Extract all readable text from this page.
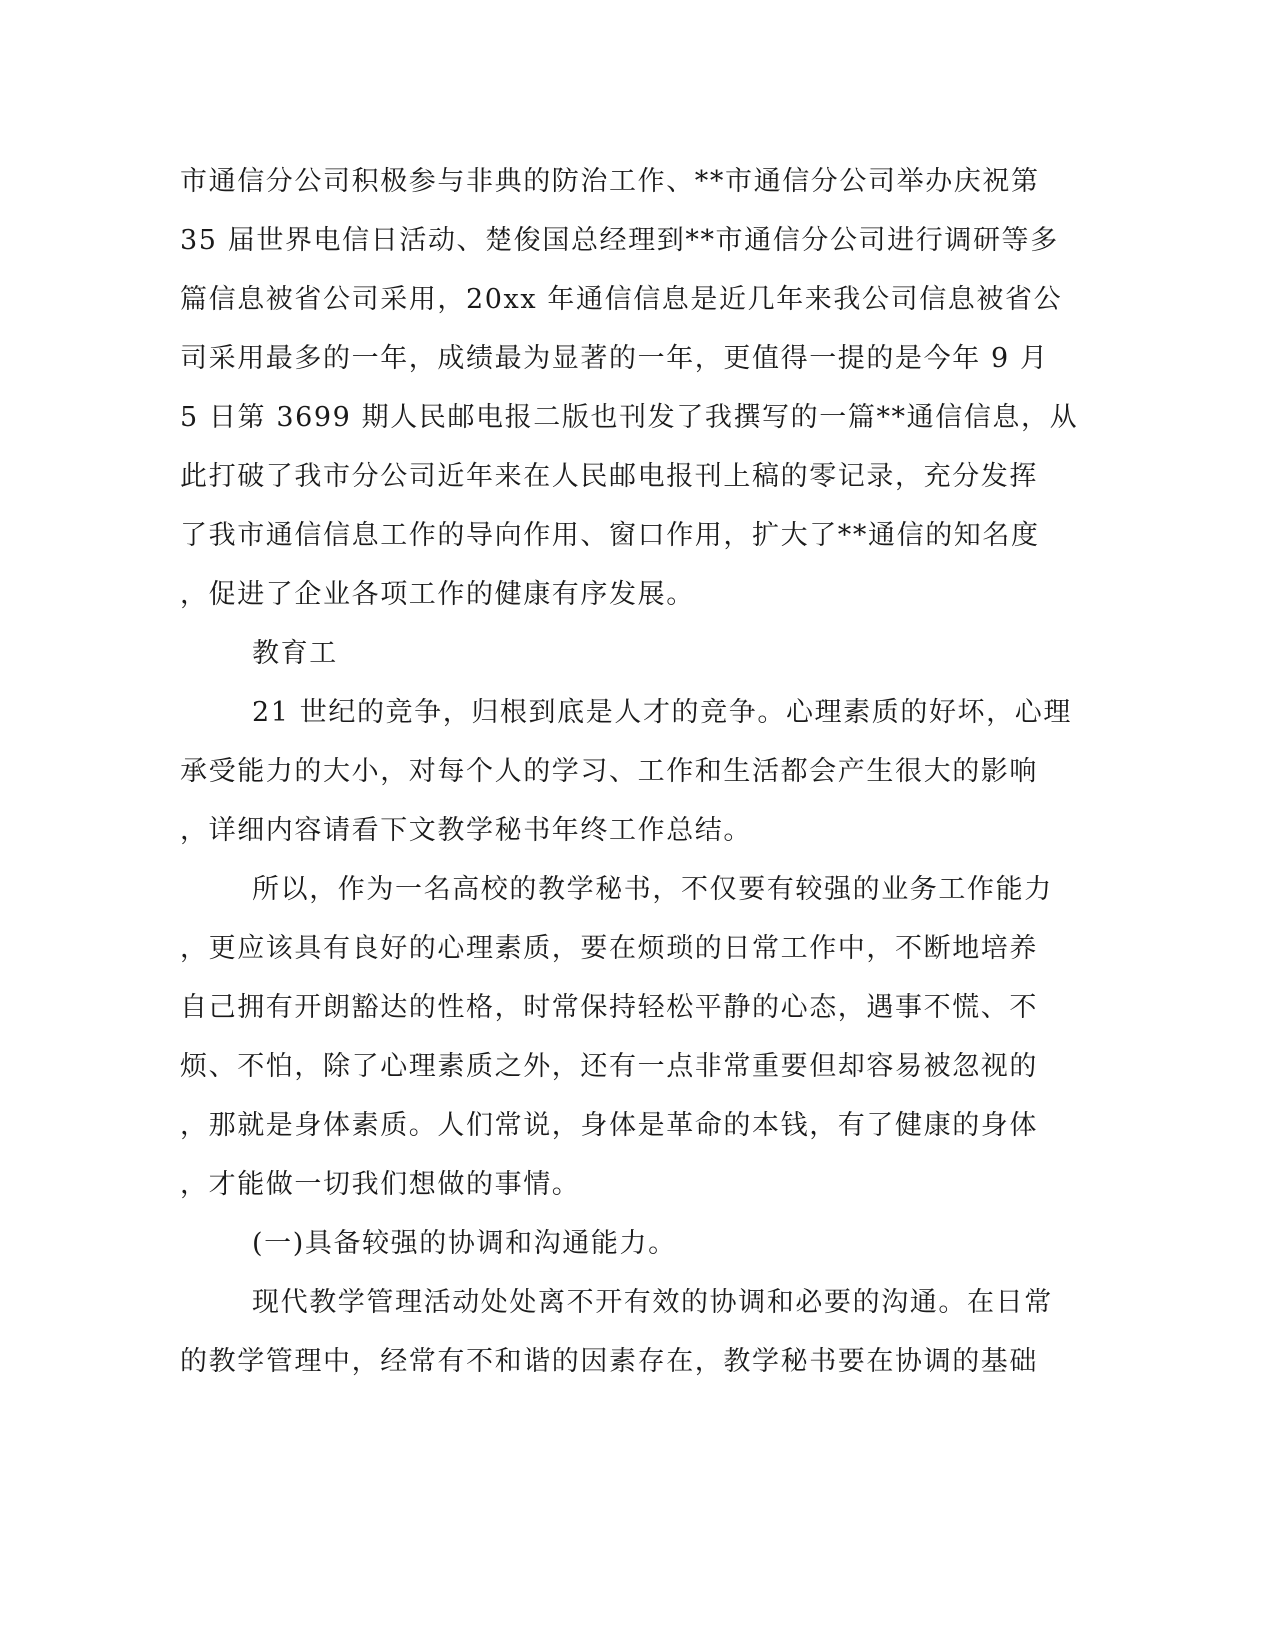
市通信分公司积极参与非典的防治工作、**市通信分公司举办庆祝第
35 届世界电信日活动、楚俊国总经理到**市通信分公司进行调研等多
篇信息被省公司采用，20xx 年通信信息是近几年来我公司信息被省公
司采用最多的一年，成绩最为显著的一年，更值得一提的是今年 9 月
5 日第 3699 期人民邮电报二版也刊发了我撰写的一篇**通信信息，从
此打破了我市分公司近年来在人民邮电报刊上稿的零记录，充分发挥
了我市通信信息工作的导向作用、窗口作用，扩大了**通信的知名度
，促进了企业各项工作的健康有序发展。
教育工
21 世纪的竞争，归根到底是人才的竞争。心理素质的好坏，心理
承受能力的大小，对每个人的学习、工作和生活都会产生很大的影响
，详细内容请看下文教学秘书年终工作总结。
所以，作为一名高校的教学秘书，不仅要有较强的业务工作能力
，更应该具有良好的心理素质，要在烦琐的日常工作中，不断地培养
自己拥有开朗豁达的性格，时常保持轻松平静的心态，遇事不慌、不
烦、不怕，除了心理素质之外，还有一点非常重要但却容易被忽视的
，那就是身体素质。人们常说，身体是革命的本钱，有了健康的身体
，才能做一切我们想做的事情。
(一)具备较强的协调和沟通能力。
现代教学管理活动处处离不开有效的协调和必要的沟通。在日常
的教学管理中，经常有不和谐的因素存在，教学秘书要在协调的基础
